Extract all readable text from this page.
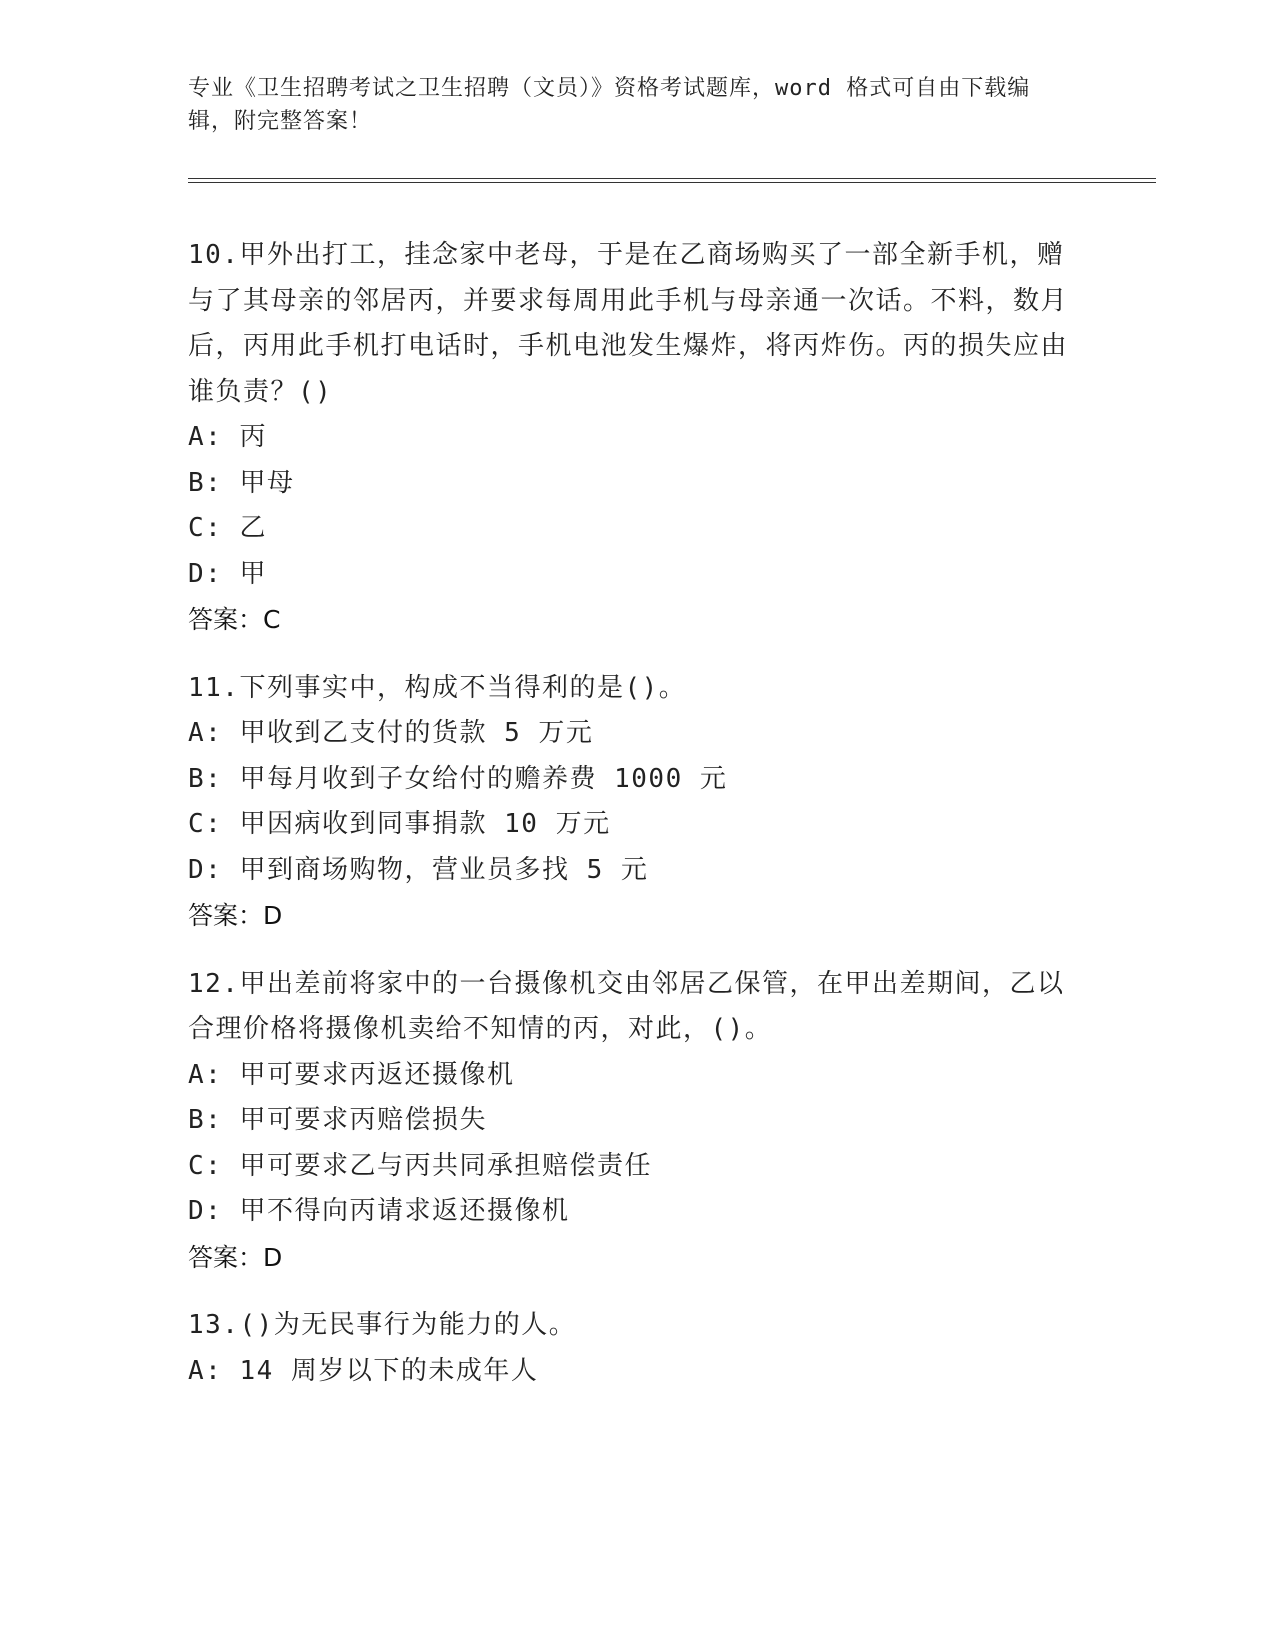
专业《卫生招聘考试之卫生招聘（文员）》资格考试题库，word 格式可自由下载编辑，附完整答案！

10.甲外出打工，挂念家中老母，于是在乙商场购买了一部全新手机，赠与了其母亲的邻居丙，并要求每周用此手机与母亲通一次话。不料，数月后，丙用此手机打电话时，手机电池发生爆炸，将丙炸伤。丙的损失应由谁负责？()

A: 丙

B: 甲母

C: 乙

D: 甲

答案：C

11.下列事实中，构成不当得利的是()。

A: 甲收到乙支付的货款 5 万元

B: 甲每月收到子女给付的赡养费 1000 元

C: 甲因病收到同事捐款 10 万元

D: 甲到商场购物，营业员多找 5 元

答案：D

12.甲出差前将家中的一台摄像机交由邻居乙保管，在甲出差期间，乙以合理价格将摄像机卖给不知情的丙，对此，()。

A: 甲可要求丙返还摄像机

B: 甲可要求丙赔偿损失

C: 甲可要求乙与丙共同承担赔偿责任

D: 甲不得向丙请求返还摄像机

答案：D

13.()为无民事行为能力的人。

A: 14 周岁以下的未成年人
